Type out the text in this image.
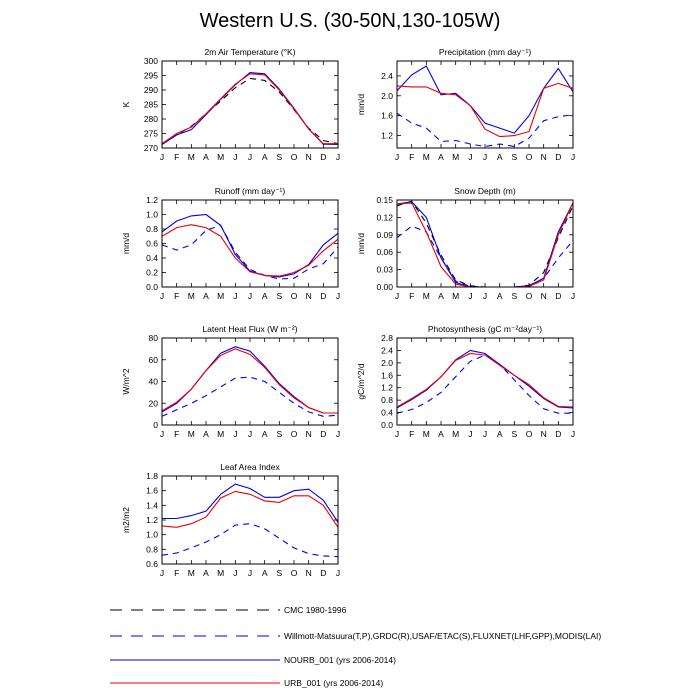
Western U.S. (30-50N,130-105W)
2m Air Temperature (°K)
270
275
280
285
290
295
300
J F M A M J J A S O N D J
K
Precipitation (mm day⁻¹)
1.2
1.6
2.0
2.4
J F M A M J J A S O N D J
mm/d
Runoff (mm day⁻¹)
0.0
0.2
0.4
0.6
0.8
1.0
1.2
J F M A M J J A S O N D J
mm/d
Snow Depth (m)
0.00
0.03
0.06
0.09
0.12
0.15
J F M A M J J A S O N D J
mm/d
Latent Heat Flux (W m⁻²)
0
20
40
60
80
J F M A M J J A S O N D J
W/m^2
Photosynthesis (gC m⁻²day⁻¹)
0.0
0.4
0.8
1.2
1.6
2.0
2.4
2.8
J F M A M J J A S O N D J
gC/m^2/d
Leaf Area Index
0.6
0.8
1.0
1.2
1.4
1.6
1.8
J F M A M J J A S O N D J
m2/m2
CMC 1980-1996
Willmott-Matsuura(T,P),GRDC(R),USAF/ETAC(S),FLUXNET(LHF,GPP),MODIS(LAI)
NOURB_001 (yrs 2006-2014)
URB_001 (yrs 2006-2014)
